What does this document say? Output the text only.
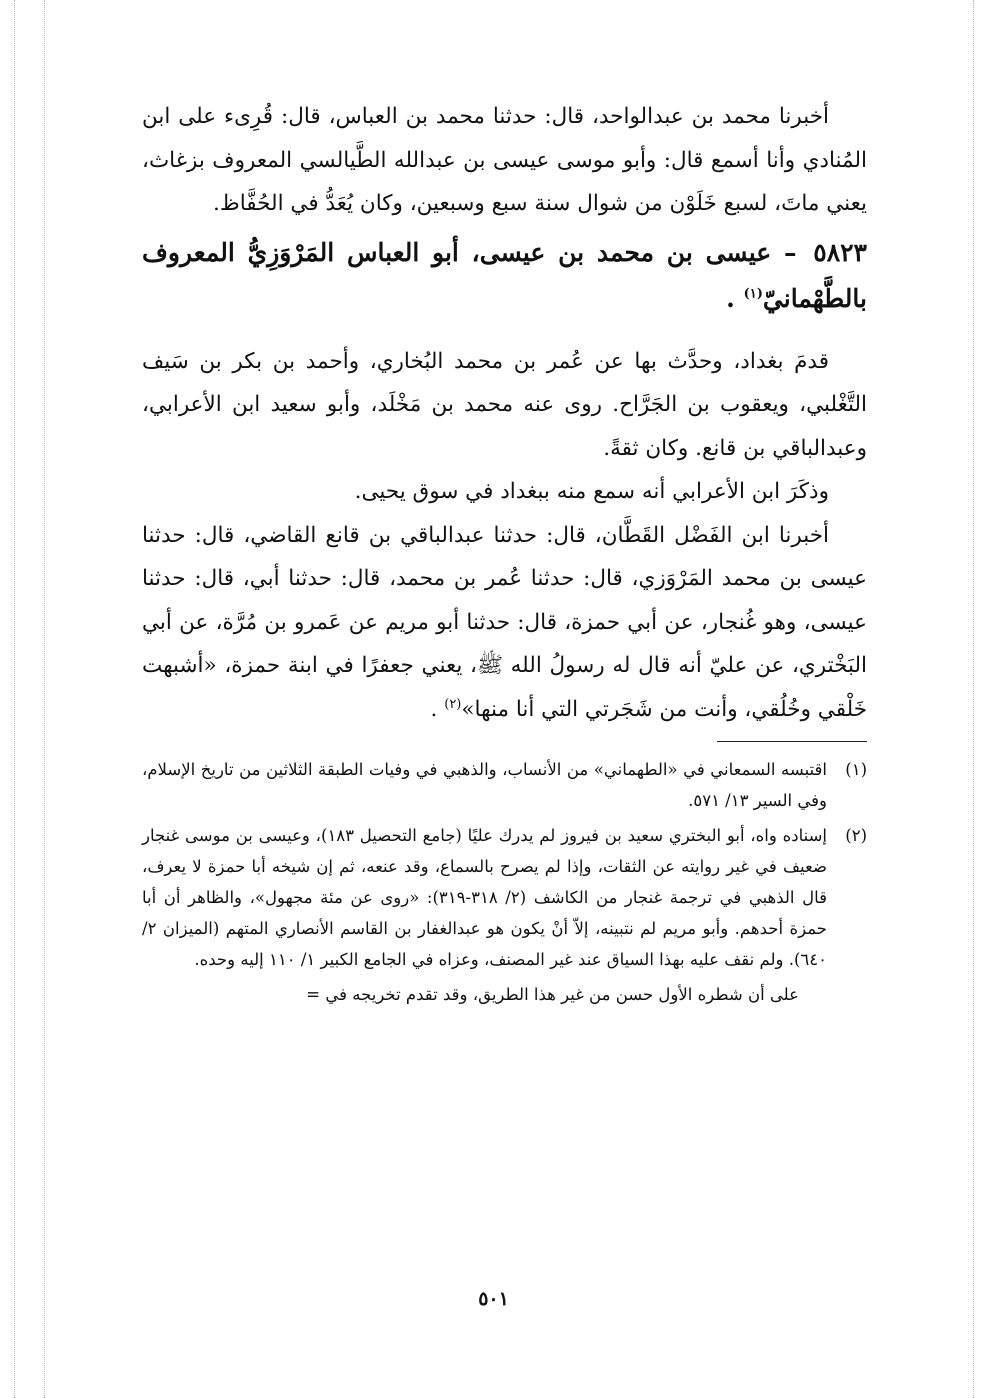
أخبرنا محمد بن عبدالواحد، قال: حدثنا محمد بن العباس، قال: قُرِىء على ابن المُنادي وأنا أسمع قال: وأبو موسى عيسى بن عبدالله الطَّيالسي المعروف بزغاث، يعني ماتَ، لسبع خَلَوْن من شوال سنة سبع وسبعين، وكان يُعَدُّ في الحُفَّاظ.

٥٨٢٣ – عيسى بن محمد بن عيسى، أبو العباس المَرْوَزِيُّ المعروف بالطَّهْمانيّ$^{(١)}$ .

قدمَ بغداد، وحدَّث بها عن عُمر بن محمد البُخاري، وأحمد بن بكر بن سَيف التَّغْلبي، ويعقوب بن الجَرَّاح. روى عنه محمد بن مَخْلَد، وأبو سعيد ابن الأعرابي، وعبدالباقي بن قانع. وكان ثقةً.

وذكَرَ ابن الأعرابي أنه سمع منه ببغداد في سوق يحيى.

أخبرنا ابن الفَضْل القَطَّان، قال: حدثنا عبدالباقي بن قانع القاضي، قال: حدثنا عيسى بن محمد المَرْوَزي، قال: حدثنا عُمر بن محمد، قال: حدثنا أبي، قال: حدثنا عيسى، وهو غُنجار، عن أبي حمزة، قال: حدثنا أبو مريم عن عَمرو بن مُرَّة، عن أبي البَخْتري، عن عليّ أنه قال له رسولُ الله ﷺ، يعني جعفرًا في ابنة حمزة، «أشبهت خَلْقي وخُلُقي، وأنت من شَجَرتي التي أنا منها»$^{(٢)}$ .

(١)
اقتبسه السمعاني في «الطهماني» من الأنساب، والذهبي في وفيات الطبقة الثلاثين من تاريخ الإسلام، وفي السير ١٣/ ٥٧١.
(٢)
إسناده واه، أبو البختري سعيد بن فيروز لم يدرك عليًا (جامع التحصيل ١٨٣)، وعيسى بن موسى غنجار ضعيف في غير روايته عن الثقات، وإذا لم يصرح بالسماع، وقد عنعه، ثم إن شيخه أبا حمزة لا يعرف، قال الذهبي في ترجمة غنجار من الكاشف (٢/ ٣١٨-٣١٩): «روى عن مئة مجهول»، والظاهر أن أبا حمزة أحدهم. وأبو مريم لم نتبينه، إلاّ أنْ يكون هو عبدالغفار بن القاسم الأنصاري المتهم (الميزان ٢/ ٦٤٠). ولم نقف عليه بهذا السياق عند غير المصنف، وعزاه في الجامع الكبير ١/ ١١٠ إليه وحده.
على أن شطره الأول حسن من غير هذا الطريق، وقد تقدم تخريجه في =
٥٠١
